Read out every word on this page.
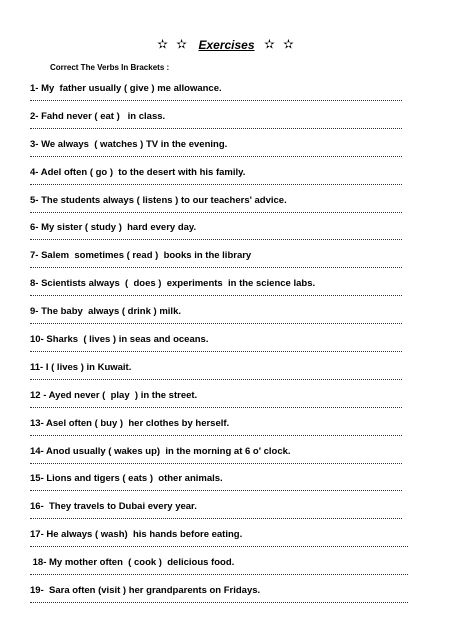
✫ ✫ Exercises ✫ ✫
Correct The Verbs In Brackets :
1- My  father usually ( give ) me allowance.
2- Fahd never ( eat )   in class.
3- We always  ( watches ) TV in the evening.
4- Adel often ( go )  to the desert with his family.
5- The students always ( listens ) to our teachers' advice.
6- My sister ( study )  hard every day.
7- Salem  sometimes ( read )  books in the library
8- Scientists always  (  does )  experiments  in the science labs.
9- The baby  always ( drink ) milk.
10- Sharks  ( lives ) in seas and oceans.
11- I ( lives ) in Kuwait.
12 - Ayed never (  play  ) in the street.
13- Asel often ( buy )  her clothes by herself.
14- Anod usually ( wakes up)  in the morning at 6 o' clock.
15- Lions and tigers ( eats )  other animals.
16-  They travels to Dubai every year.
17- He always ( wash)  his hands before eating.
18- My mother often  ( cook )  delicious food.
19-  Sara often (visit ) her grandparents on Fridays.
